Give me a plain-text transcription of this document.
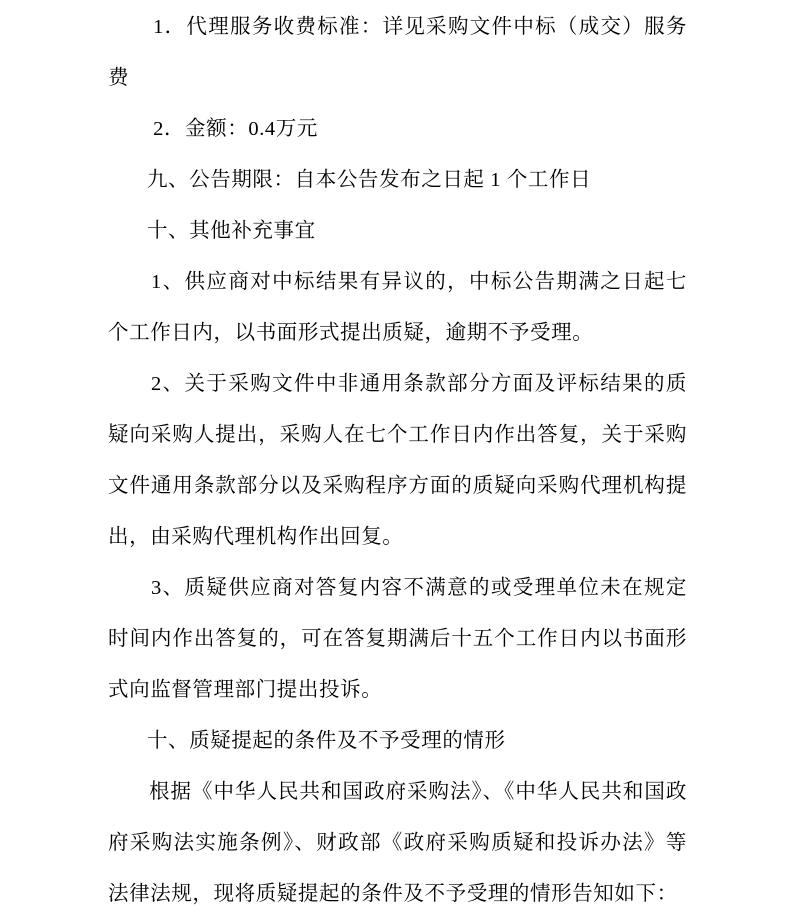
1．代理服务收费标准：详见采购文件中标（成交）服务费

2．金额：0.4万元

九、公告期限：自本公告发布之日起 1 个工作日

十、其他补充事宜

1、供应商对中标结果有异议的，中标公告期满之日起七个工作日内，以书面形式提出质疑，逾期不予受理。

2、关于采购文件中非通用条款部分方面及评标结果的质疑向采购人提出，采购人在七个工作日内作出答复，关于采购文件通用条款部分以及采购程序方面的质疑向采购代理机构提出，由采购代理机构作出回复。

3、质疑供应商对答复内容不满意的或受理单位未在规定时间内作出答复的，可在答复期满后十五个工作日内以书面形式向监督管理部门提出投诉。

十、质疑提起的条件及不予受理的情形

根据《中华人民共和国政府采购法》、《中华人民共和国政府采购法实施条例》、财政部《政府采购质疑和投诉办法》等法律法规，现将质疑提起的条件及不予受理的情形告知如下：
